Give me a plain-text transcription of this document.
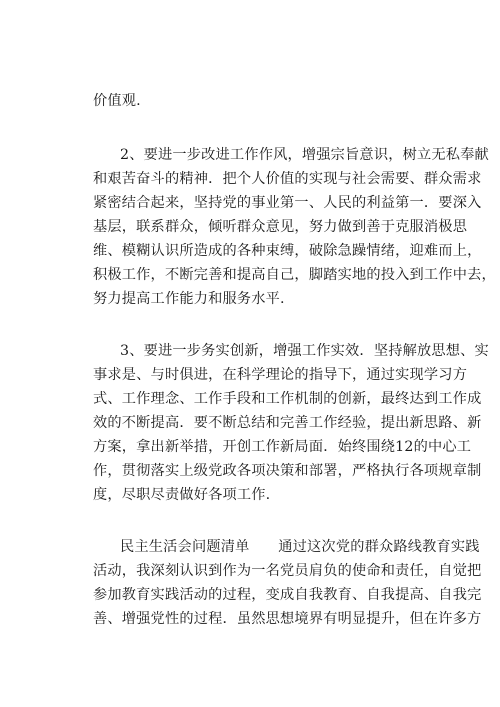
价值观.
2、要进一步改进工作作风，增强宗旨意识，树立无私奉献
和艰苦奋斗的精神．把个人价值的实现与社会需要、群众需求
紧密结合起来，坚持党的事业第一、人民的利益第一．要深入
基层，联系群众，倾听群众意见，努力做到善于克服消极思
维、模糊认识所造成的各种束缚，破除急躁情绪，迎难而上，
积极工作，不断完善和提高自己，脚踏实地的投入到工作中去，
努力提高工作能力和服务水平.
3、要进一步务实创新，增强工作实效．坚持解放思想、实
事求是、与时俱进，在科学理论的指导下，通过实现学习方
式、工作理念、工作手段和工作机制的创新，最终达到工作成
效的不断提高．要不断总结和完善工作经验，提出新思路、新
方案，拿出新举措，开创工作新局面．始终围绕12的中心工
作，贯彻落实上级党政各项决策和部署，严格执行各项规章制
度，尽职尽责做好各项工作.
民主生活会问题清单　　通过这次党的群众路线教育实践
活动，我深刻认识到作为一名党员肩负的使命和责任，自觉把
参加教育实践活动的过程，变成自我教育、自我提高、自我完
善、增强党性的过程．虽然思想境界有明显提升，但在许多方
